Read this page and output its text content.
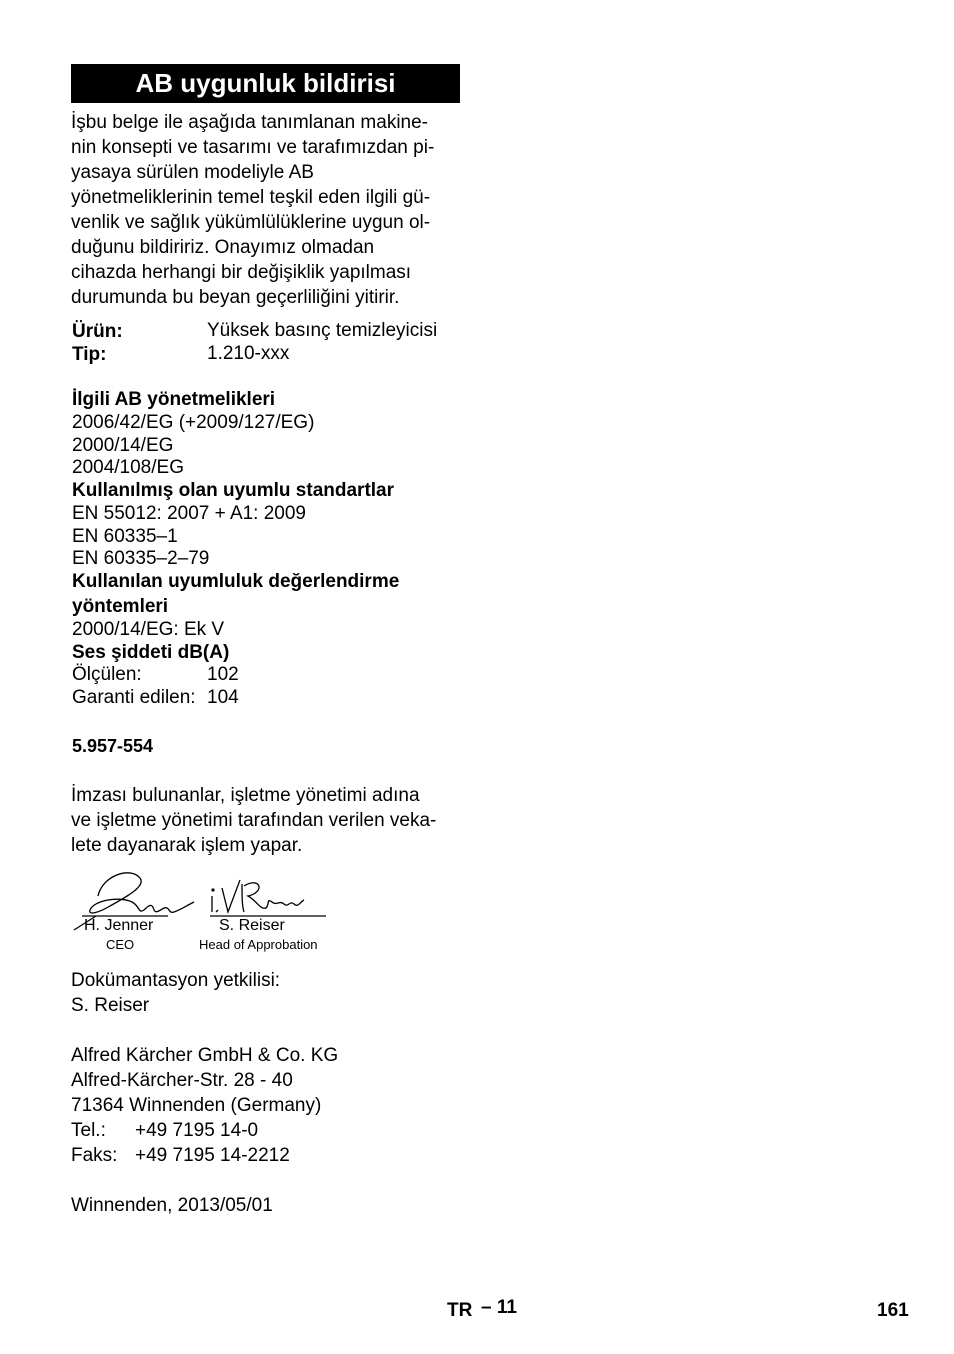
AB uygunluk bildirisi
İşbu belge ile aşağıda tanımlanan makine-
nin konsepti ve tasarımı ve tarafımızdan pi-
yasaya sürülen modeliyle AB
yönetmeliklerinin temel teşkil eden ilgili gü-
venlik ve sağlık yükümlülüklerine uygun ol-
duğunu bildiririz. Onayımız olmadan
cihazda herhangi bir değişiklik yapılması
durumunda bu beyan geçerliliğini yitirir.
Ürün:	Yüksek basınç temizleyicisi
Tip:	1.210-xxx
İlgili AB yönetmelikleri
2006/42/EG (+2009/127/EG)
2000/14/EG
2004/108/EG
Kullanılmış olan uyumlu standartlar
EN 55012: 2007 + A1: 2009
EN 60335–1
EN 60335–2–79
Kullanılan uyumluluk değerlendirme
yöntemleri
2000/14/EG: Ek V
Ses şiddeti dB(A)
Ölçülen:	102
Garanti edilen: 104
5.957-554
İmzası bulunanlar, işletme yönetimi adına
ve işletme yönetimi tarafından verilen veka-
lete dayanarak işlem yapar.
H. Jenner
CEO
S. Reiser
Head of Approbation
Dokümantasyon yetkilisi:
S. Reiser
Alfred Kärcher GmbH & Co. KG
Alfred-Kärcher-Str. 28 - 40
71364 Winnenden (Germany)
Tel.: +49 7195 14-0
Faks: +49 7195 14-2212
Winnenden, 2013/05/01
TR – 11	161
